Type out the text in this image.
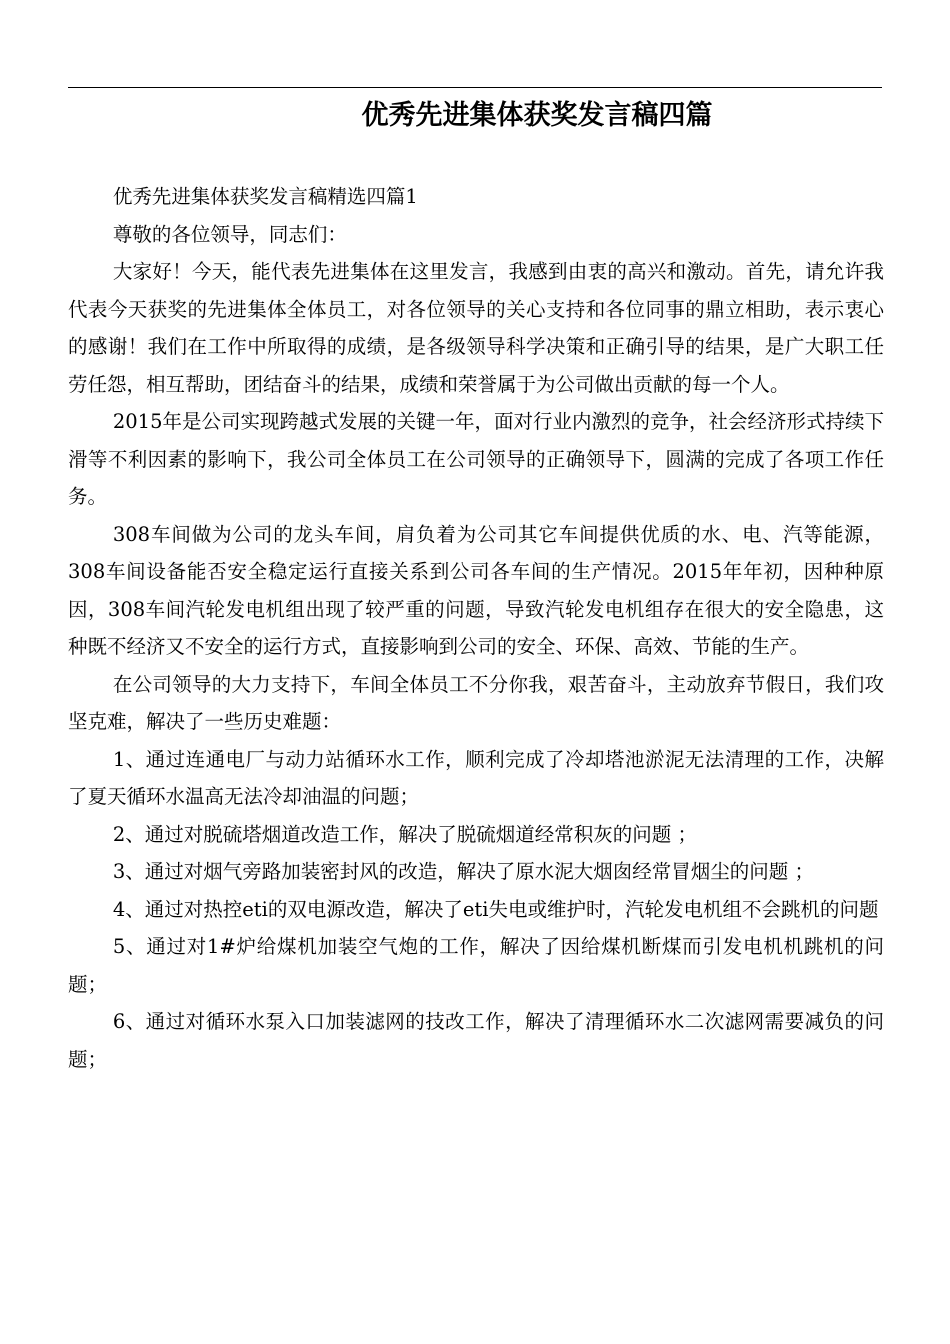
优秀先进集体获奖发言稿四篇

优秀先进集体获奖发言稿精选四篇1

尊敬的各位领导，同志们：

大家好！今天，能代表先进集体在这里发言，我感到由衷的高兴和激动。首先，请允许我代表今天获奖的先进集体全体员工，对各位领导的关心支持和各位同事的鼎立相助，表示衷心的感谢！我们在工作中所取得的成绩，是各级领导科学决策和正确引导的结果，是广大职工任劳任怨，相互帮助，团结奋斗的结果，成绩和荣誉属于为公司做出贡献的每一个人。

2015年是公司实现跨越式发展的关键一年，面对行业内激烈的竞争，社会经济形式持续下滑等不利因素的影响下，我公司全体员工在公司领导的正确领导下，圆满的完成了各项工作任务。

308车间做为公司的龙头车间，肩负着为公司其它车间提供优质的水、电、汽等能源，308车间设备能否安全稳定运行直接关系到公司各车间的生产情况。2015年年初，因种种原因，308车间汽轮发电机组出现了较严重的问题，导致汽轮发电机组存在很大的安全隐患，这种既不经济又不安全的运行方式，直接影响到公司的安全、环保、高效、节能的生产。

在公司领导的大力支持下，车间全体员工不分你我，艰苦奋斗，主动放弃节假日，我们攻坚克难，解决了一些历史难题：

1、通过连通电厂与动力站循环水工作，顺利完成了冷却塔池淤泥无法清理的工作，决解了夏天循环水温高无法冷却油温的问题；

2、通过对脱硫塔烟道改造工作，解决了脱硫烟道经常积灰的问题 ；

3、通过对烟气旁路加装密封风的改造，解决了原水泥大烟囱经常冒烟尘的问题 ；

4、通过对热控eti的双电源改造，解决了eti失电或维护时，汽轮发电机组不会跳机的问题

5、通过对1#炉给煤机加装空气炮的工作，解决了因给煤机断煤而引发电机机跳机的问题；

6、通过对循环水泵入口加装滤网的技改工作，解决了清理循环水二次滤网需要减负的问题；
